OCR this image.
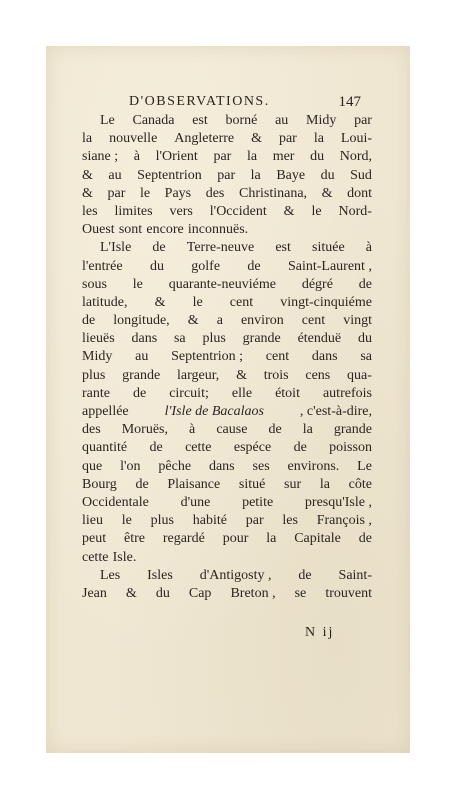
D'OBSERVATIONS.	147
Le Canada est borné au Midy par
la nouvelle Angleterre & par la Loui-
siane ; à l'Orient par la mer du Nord,
& au Septentrion par la Baye du Sud
& par le Pays des Christinana, & dont
les limites vers l'Occident & le Nord-
Ouest sont encore inconnuës.
L'Isle de Terre-neuve est située à
l'entrée du golfe de Saint-Laurent ,
sous le quarante-neuviéme dégré de
latitude, & le cent vingt-cinquiéme
de longitude, & a environ cent vingt
lieuës dans sa plus grande étenduë du
Midy au Septentrion ; cent dans sa
plus grande largeur, & trois cens qua-
rante de circuit; elle étoit autrefois
appellée	l'Isle de Bacalaos	, c'est-à-dire,
des Moruës, à cause de la grande
quantité de cette espéce de poisson
que l'on pêche dans ses environs. Le
Bourg de Plaisance situé sur la côte
Occidentale d'une petite presqu'Isle ,
lieu le plus habité par les François ,
peut être regardé pour la Capitale de
cette Isle.
Les Isles d'Antigosty , de Saint-
Jean & du Cap Breton , se trouvent
N ij
